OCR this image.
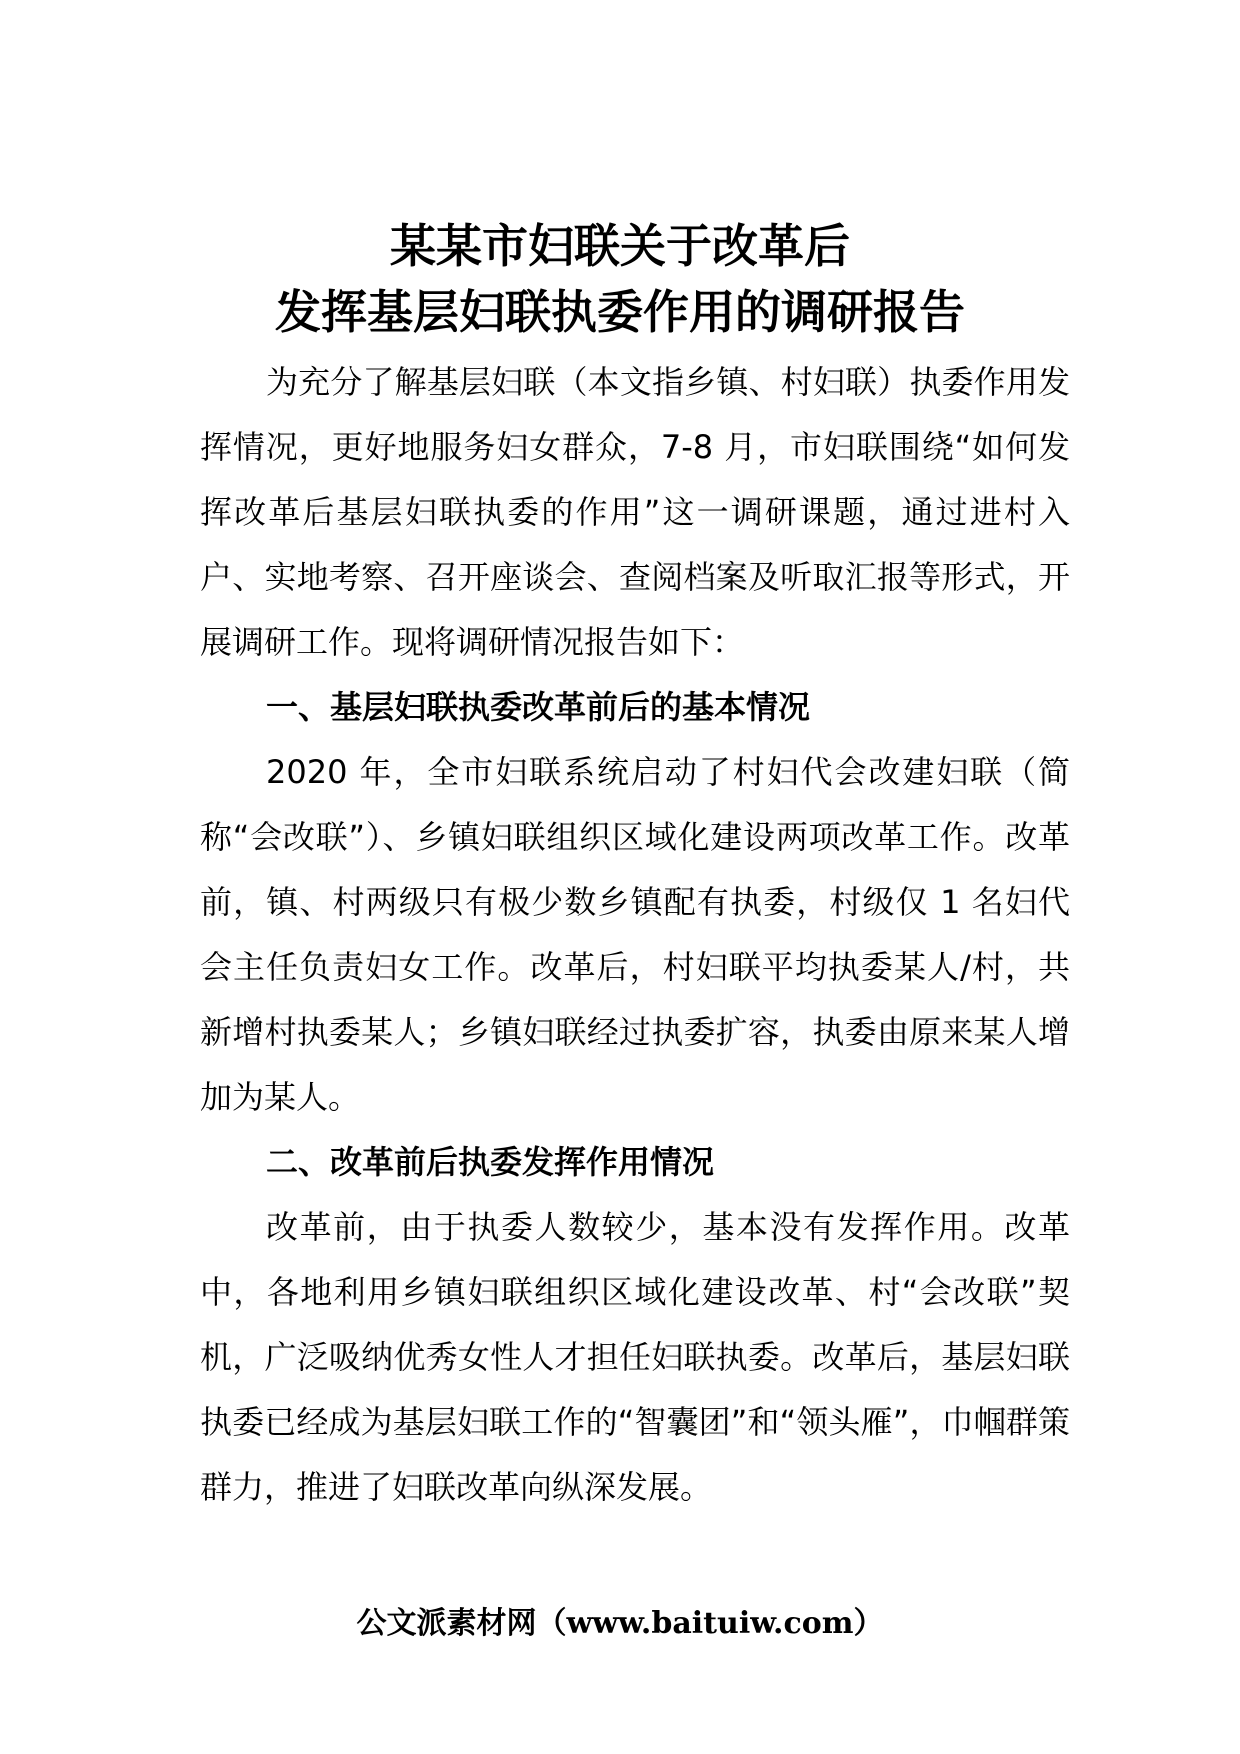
某某市妇联关于改革后
发挥基层妇联执委作用的调研报告

为充分了解基层妇联（本文指乡镇、村妇联）执委作用发挥情况，更好地服务妇女群众，7-8 月，市妇联围绕“如何发挥改革后基层妇联执委的作用”这一调研课题，通过进村入户、实地考察、召开座谈会、查阅档案及听取汇报等形式，开展调研工作。现将调研情况报告如下：

一、基层妇联执委改革前后的基本情况

2020 年，全市妇联系统启动了村妇代会改建妇联（简称“会改联”）、乡镇妇联组织区域化建设两项改革工作。改革前，镇、村两级只有极少数乡镇配有执委，村级仅 1 名妇代会主任负责妇女工作。改革后，村妇联平均执委某人/村，共新增村执委某人；乡镇妇联经过执委扩容，执委由原来某人增加为某人。

二、改革前后执委发挥作用情况

改革前，由于执委人数较少，基本没有发挥作用。改革中，各地利用乡镇妇联组织区域化建设改革、村“会改联”契机，广泛吸纳优秀女性人才担任妇联执委。改革后，基层妇联执委已经成为基层妇联工作的“智囊团”和“领头雁”，巾帼群策群力，推进了妇联改革向纵深发展。

公文派素材网（www.baituiw.com）
